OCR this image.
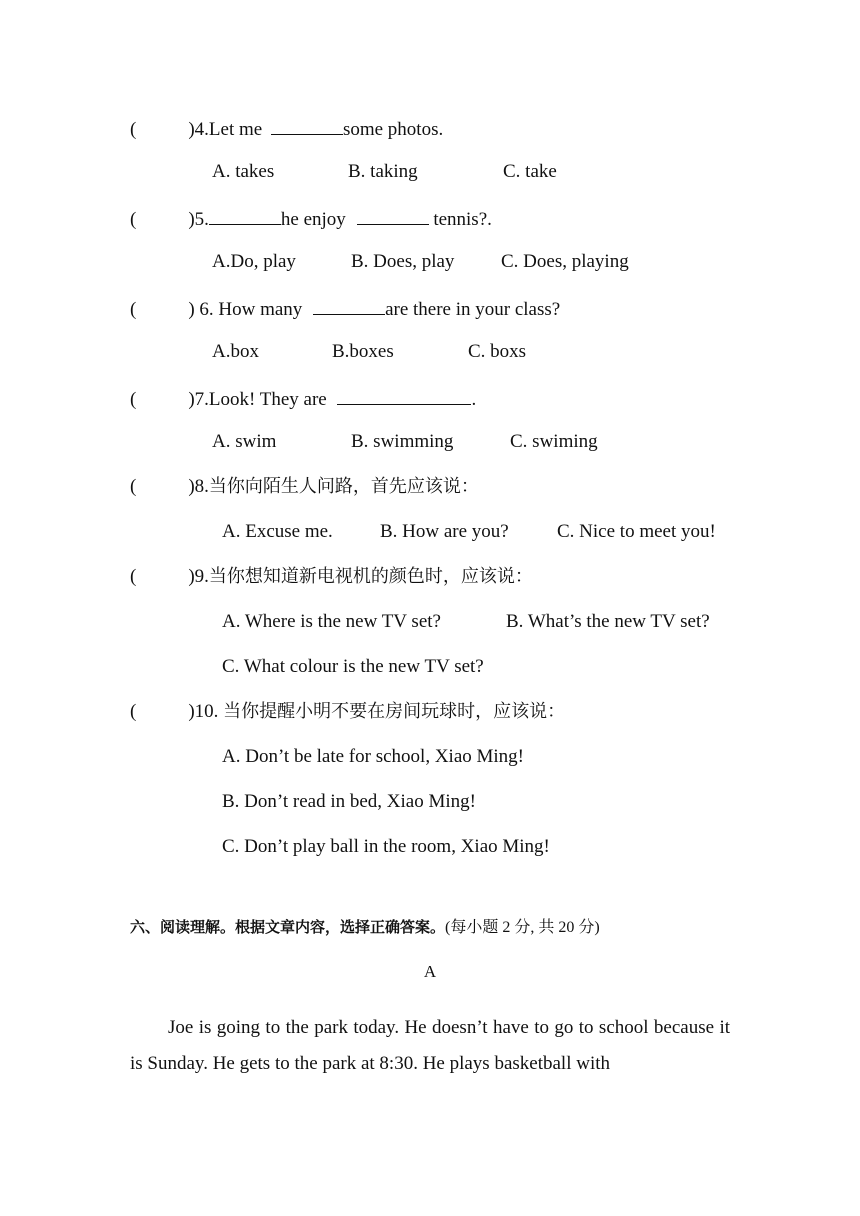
(	)4.Let me	some photos.
A. takes	B. taking	C. take
(	)5.	he enjoy	tennis?.
A.Do, play	B. Does, play C. Does, playing
(	) 6. How many	are there in your class?
A.box	B.boxes	C. boxs
(	)7.Look! They are	.
A. swim	B. swimming	C. swiming
(	)8.当你向陌生人问路，首先应该说：
A. Excuse me. B. How are you?	C. Nice to meet you!
(	)9.当你想知道新电视机的颜色时，应该说：
A. Where is the new TV set?	B. What’s the new TV set?
C. What colour is the new TV set?
(	)10. 当你提醒小明不要在房间玩球时，应该说：
A. Don’t be late for school, Xiao Ming!
B. Don’t read in bed, Xiao Ming!
C. Don’t play ball in the room, Xiao Ming!
六、阅读理解。根据文章内容，选择正确答案。(每小题 2 分, 共 20 分)
A

Joe is going to the park today. He doesn’t have to go to school because it is Sunday. He gets to the park at 8:30. He plays basketball with
